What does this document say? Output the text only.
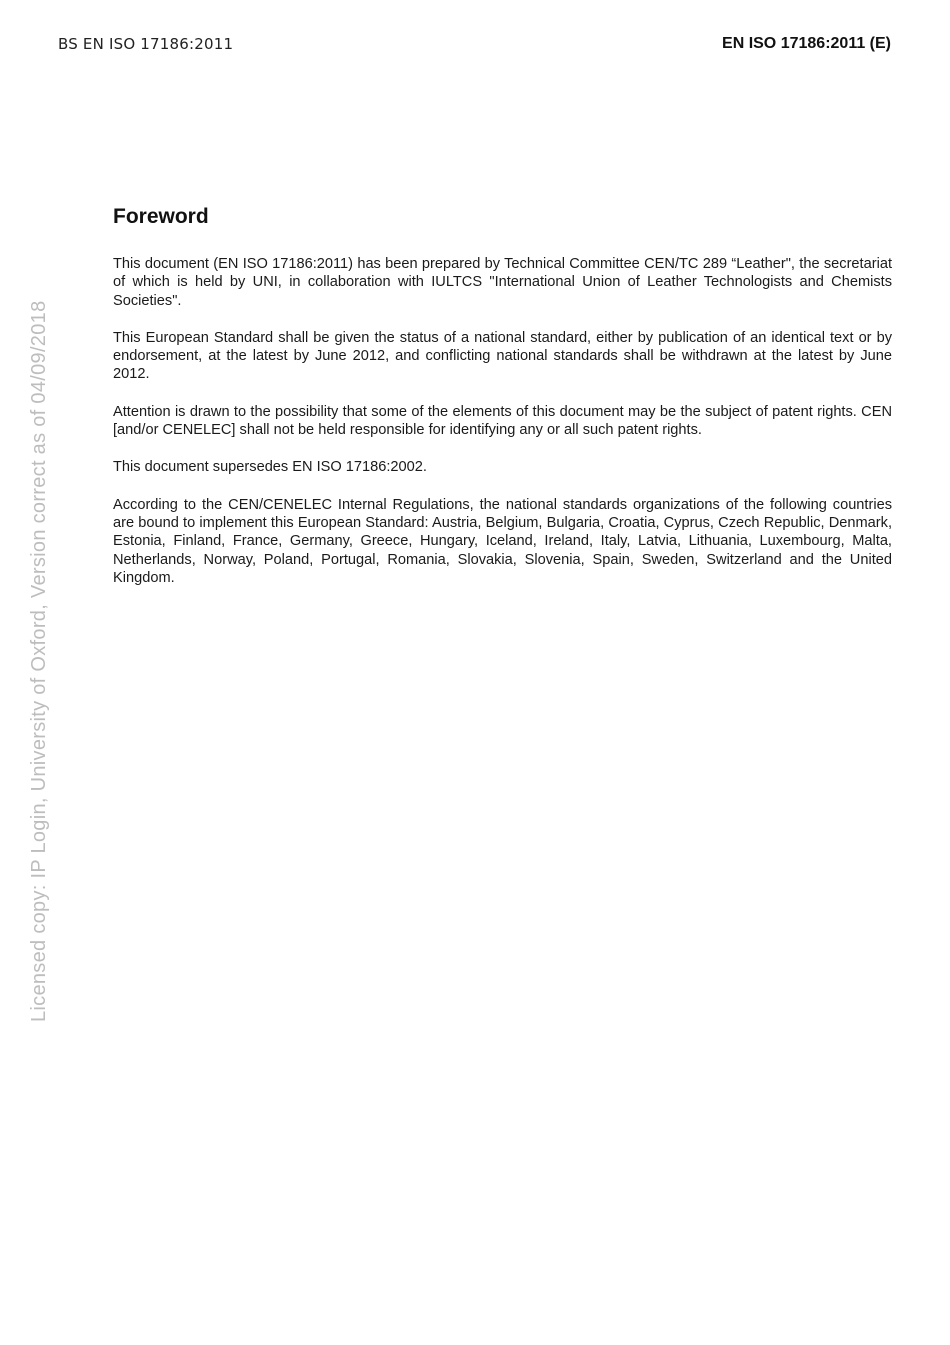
BS EN ISO 17186:2011	EN ISO 17186:2011 (E)
Licensed copy: IP Login, University of Oxford, Version correct as of 04/09/2018
Foreword

This document (EN ISO 17186:2011) has been prepared by Technical Committee CEN/TC 289 “Leather", the secretariat of which is held by UNI, in collaboration with IULTCS "International Union of Leather Technologists and Chemists Societies".

This European Standard shall be given the status of a national standard, either by publication of an identical text or by endorsement, at the latest by June 2012, and conflicting national standards shall be withdrawn at the latest by June 2012.

Attention is drawn to the possibility that some of the elements of this document may be the subject of patent rights. CEN [and/or CENELEC] shall not be held responsible for identifying any or all such patent rights.

This document supersedes EN ISO 17186:2002.

According to the CEN/CENELEC Internal Regulations, the national standards organizations of the following countries are bound to implement this European Standard: Austria, Belgium, Bulgaria, Croatia, Cyprus, Czech Republic, Denmark, Estonia, Finland, France, Germany, Greece, Hungary, Iceland, Ireland, Italy, Latvia, Lithuania, Luxembourg, Malta, Netherlands, Norway, Poland, Portugal, Romania, Slovakia, Slovenia, Spain, Sweden, Switzerland and the United Kingdom.
